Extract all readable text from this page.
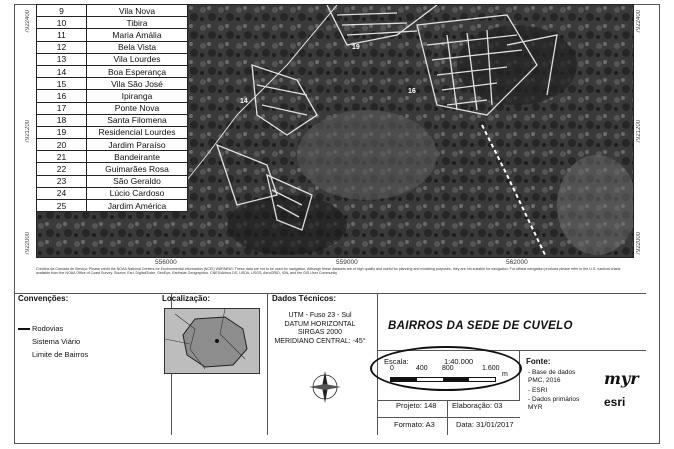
7922400
7921200
7922000
7922400
7921200
7922000
556000	559000	562000
19
16
14
9	Vila Nova
10	Tibira
11	Maria Amália
12	Bela Vista
13	Vila Lourdes
14	Boa Esperança
15	Vila São José
16	Ipiranga
17	Ponte Nova
18	Santa Filomena
19	Residencial Lourdes
20	Jardim Paraíso
21	Bandeirante
22	Guimarães Rosa
23	São Geraldo
24	Lúcio Cardoso
25	Jardim América
Créditos da Camada de Serviço: Please credit the NOAA National Centers for Environmental Information (NCEI) WARNING: These data are not to be used for navigation. Although these datasets are of high quality and useful for planning and modeling purposes, they are not suitable for navigation. For official navigation products please refer to the U.S. nautical charts available from the NOAA Office of Coast Survey. Source: Esri, DigitalGlobe, GeoEye, Earthstar Geographics, CNES/Airbus DS, USDA, USGS, AeroGRID, IGN, and the GIS User Community
Convenções:
Rodovias
Sistema Viário
Limite de Bairros
Localização:	Dados Técnicos:
UTM - Fuso 23 - Sul
DATUM HORIZONTAL
SIRGAS 2000
MERIDIANO CENTRAL: -45°
BAIRROS DA SEDE DE CUVELO
Escala:	1:40.000
0	400 800	1.600
m
Projeto: 148 Elaboração: 03
Formato: A3	Data: 31/01/2017
Fonte:
- Base de dados PMC, 2016
- ESRI
- Dados primários MYR
myr
esri
